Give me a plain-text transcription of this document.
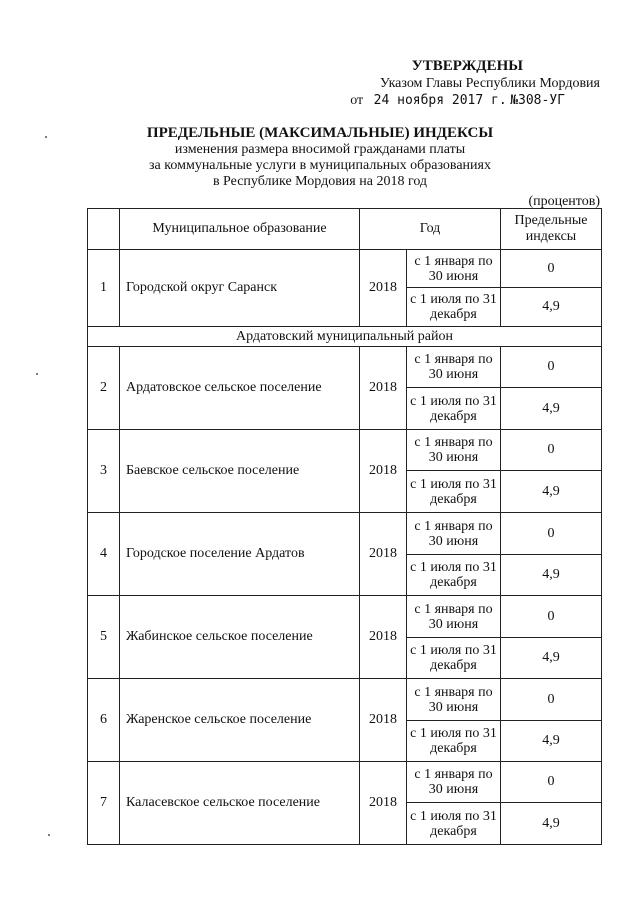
УТВЕРЖДЕНЫ
Указом Главы Республики Мордовия
от 24 ноября 2017 г. №308-УГ
ПРЕДЕЛЬНЫЕ (МАКСИМАЛЬНЫЕ) ИНДЕКСЫ
изменения размера вносимой гражданами платы
за коммунальные услуги в муниципальных образованиях
в Республике Мордовия на 2018 год
(процентов)
	Муниципальное образование	Год		Предельные индексы
1	Городской округ Саранск	2018	с 1 января по 30 июня	0
			с 1 июля по 31 декабря	4,9
Ардатовский муниципальный район				
2	Ардатовское сельское поселение	2018	с 1 января по 30 июня	0
			с 1 июля по 31 декабря	4,9
3	Баевское сельское поселение	2018	с 1 января по 30 июня	0
			с 1 июля по 31 декабря	4,9
4	Городское поселение Ардатов	2018	с 1 января по 30 июня	0
			с 1 июля по 31 декабря	4,9
5	Жабинское сельское поселение	2018	с 1 января по 30 июня	0
			с 1 июля по 31 декабря	4,9
6	Жаренское сельское поселение	2018	с 1 января по 30 июня	0
			с 1 июля по 31 декабря	4,9
7	Каласевское сельское поселение	2018	с 1 января по 30 июня	0
			с 1 июля по 31 декабря	4,9
